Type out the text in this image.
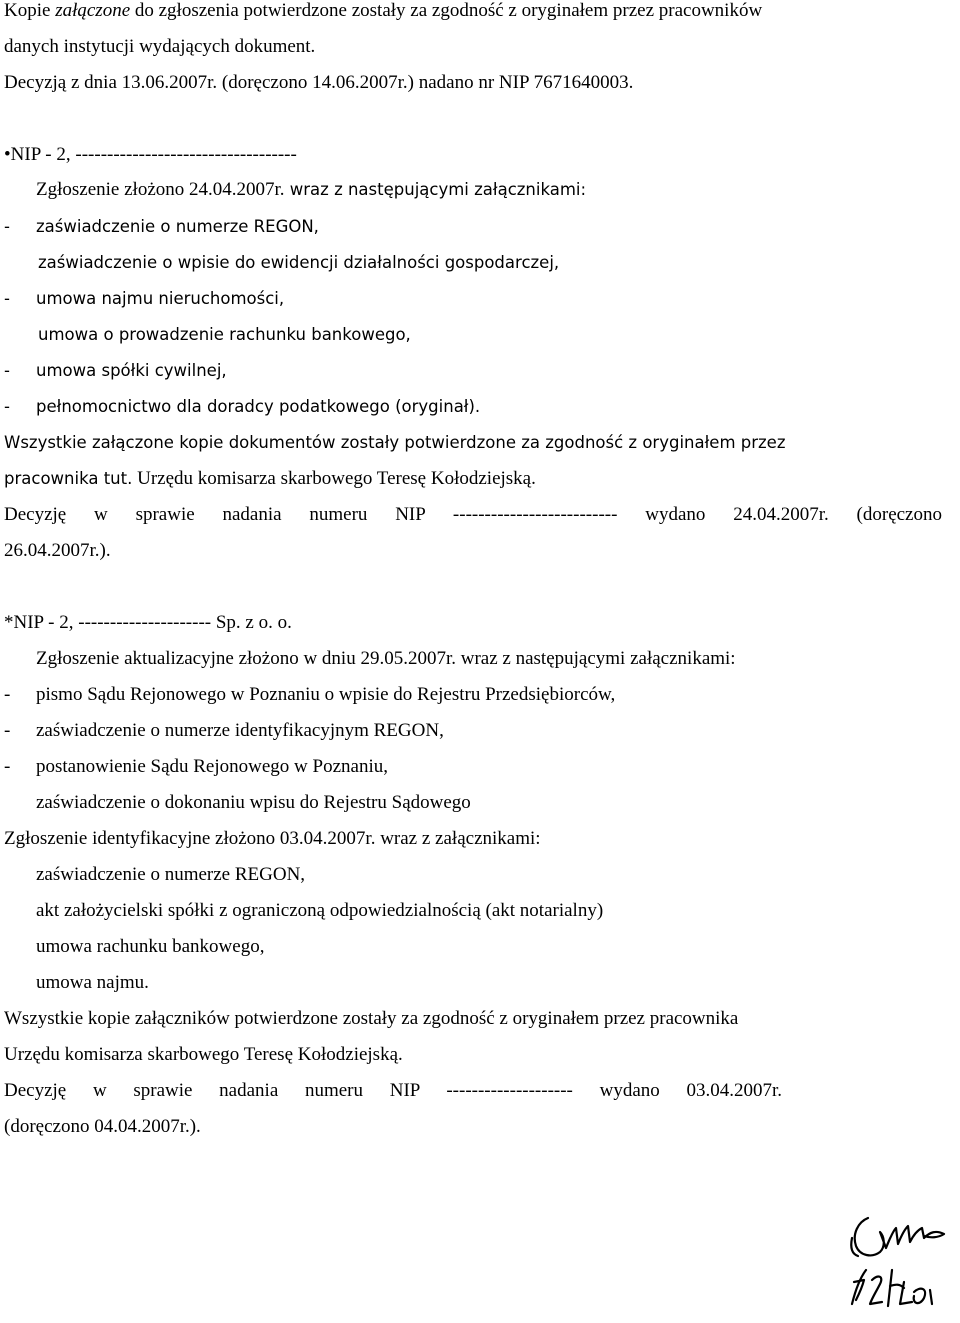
Kopie załączone do zgłoszenia potwierdzone zostały za zgodność z oryginałem przez pracowników

danych instytucji wydających dokument.

Decyzją z dnia 13.06.2007r. (doręczono 14.06.2007r.) nadano nr NIP 7671640003.

•NIP - 2, -----------------------------------

Zgłoszenie złożono 24.04.2007r. wraz z następującymi załącznikami:

- zaświadczenie o numerze REGON,

zaświadczenie o wpisie do ewidencji działalności gospodarczej,

- umowa najmu nieruchomości,

umowa o prowadzenie rachunku bankowego,

- umowa spółki cywilnej,

- pełnomocnictwo dla doradcy podatkowego (oryginał).

Wszystkie załączone kopie dokumentów zostały potwierdzone za zgodność z oryginałem przez

pracownika tut. Urzędu komisarza skarbowego Teresę Kołodziejską.

Decyzję w sprawie nadania numeru NIP -------------------------- wydano 24.04.2007r. (doręczono

26.04.2007r.).

*NIP - 2, --------------------- Sp. z o. o.

Zgłoszenie aktualizacyjne złożono w dniu 29.05.2007r. wraz z następującymi załącznikami:

- pismo Sądu Rejonowego w Poznaniu o wpisie do Rejestru Przedsiębiorców,

- zaświadczenie o numerze identyfikacyjnym REGON,

- postanowienie Sądu Rejonowego w Poznaniu,

zaświadczenie o dokonaniu wpisu do Rejestru Sądowego

Zgłoszenie identyfikacyjne złożono 03.04.2007r. wraz z załącznikami:

zaświadczenie o numerze REGON,

akt założycielski spółki z ograniczoną odpowiedzialnością (akt notarialny)

umowa rachunku bankowego,

umowa najmu.

Wszystkie kopie załączników potwierdzone zostały za zgodność z oryginałem przez pracownika

Urzędu komisarza skarbowego Teresę Kołodziejską.

Decyzję w sprawie nadania numeru NIP -------------------- wydano 03.04.2007r.

(doręczono 04.04.2007r.).
